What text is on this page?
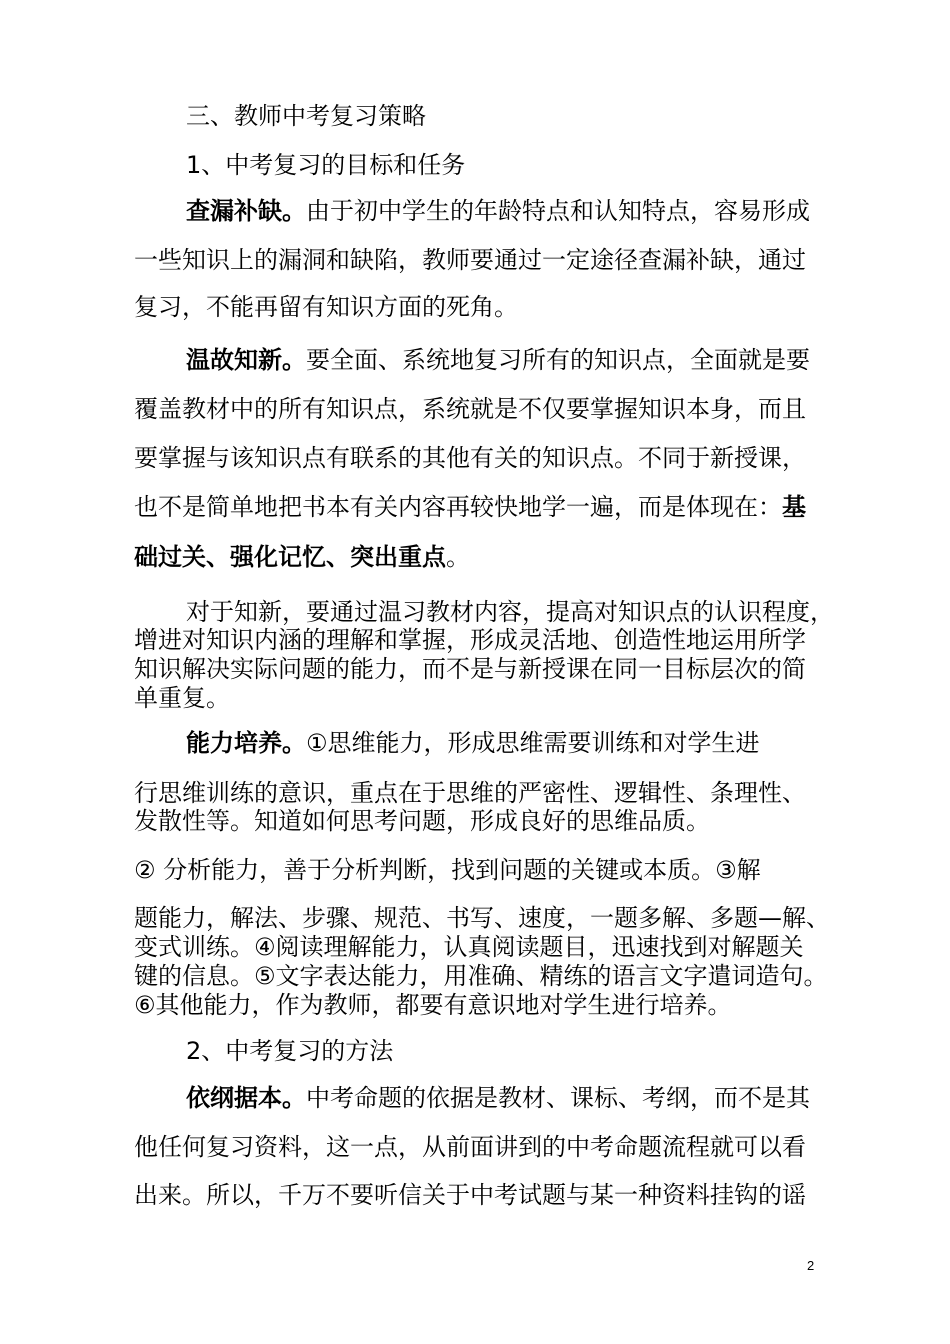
三、教师中考复习策略

1、中考复习的目标和任务

查漏补缺。由于初中学生的年龄特点和认知特点，容易形成

一些知识上的漏洞和缺陷，教师要通过一定途径查漏补缺，通过

复习，不能再留有知识方面的死角。

温故知新。要全面、系统地复习所有的知识点，全面就是要

覆盖教材中的所有知识点，系统就是不仅要掌握知识本身，而且

要掌握与该知识点有联系的其他有关的知识点。不同于新授课，

也不是简单地把书本有关内容再较快地学一遍，而是体现在：基

础过关、强化记忆、突出重点。

对于知新，要通过温习教材内容，提高对知识点的认识程度，

增进对知识内涵的理解和掌握，形成灵活地、创造性地运用所学

知识解决实际问题的能力，而不是与新授课在同一目标层次的简

单重复。

能力培养。①思维能力，形成思维需要训练和对学生进

行思维训练的意识，重点在于思维的严密性、逻辑性、条理性、

发散性等。知道如何思考问题，形成良好的思维品质。

② 分析能力，善于分析判断，找到问题的关键或本质。③解

题能力，解法、步骤、规范、书写、速度，一题多解、多题—解、

变式训练。④阅读理解能力，认真阅读题目，迅速找到对解题关

键的信息。⑤文字表达能力，用准确、精练的语言文字遣词造句。

⑥其他能力，作为教师，都要有意识地对学生进行培养。

2、中考复习的方法

依纲据本。中考命题的依据是教材、课标、考纲，而不是其

他任何复习资料，这一点，从前面讲到的中考命题流程就可以看

出来。所以，千万不要听信关于中考试题与某一种资料挂钩的谣

2
